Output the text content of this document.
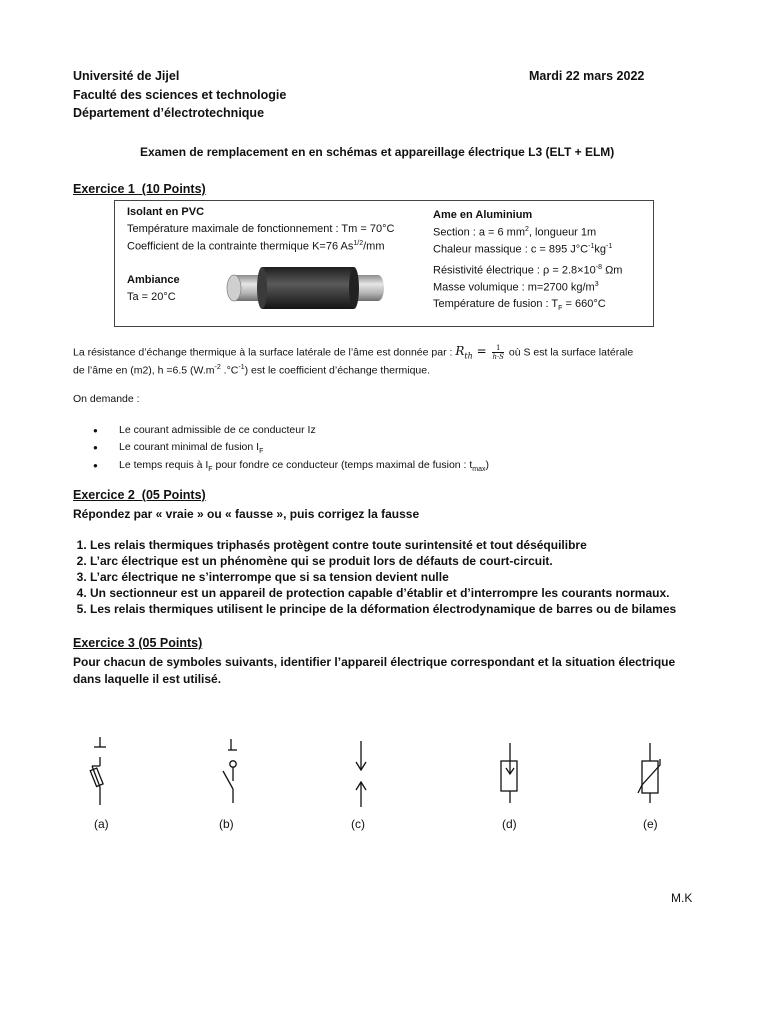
Université de Jijel
Faculté des sciences et technologie
Département d’électrotechnique
Mardi 22 mars 2022
Examen de remplacement en en schémas et appareillage électrique L3 (ELT + ELM)
Exercice 1  (10 Points)
Isolant en PVC
Température maximale de fonctionnement : Tm = 70°C
Coefficient de la contrainte thermique K=76 $As^{1/2}/mm$
Ambiance
Ta = 20°C
Ame en Aluminium
Section : a = 6 $mm^2$, longueur 1m
Chaleur massique : c = 895 $J^\circ C^{-1}kg^{-1}$
Résistivité électrique : $\rho = 2.8\times 10^{-8}$ Ωm
Masse volumique : m=2700 $kg/m^3$
Température de fusion : $T_F = 660^\circ C$
La résistance d’échange thermique à la surface latérale de l’âme est donnée par : $R_{th} = \frac{1}{h\cdot S}$ où S est la surface latérale
de l’âme en (m2), h =6.5 ($W.m^{-2}$ $.^\circ C^{-1}$) est le coefficient d’échange thermique.
On demande :
● Le courant admissible de ce conducteur Iz
● Le courant minimal de fusion $I_F$
● Le temps requis à $I_F$ pour fondre ce conducteur (temps maximal de fusion : $t_{max}$)
Exercice 2  (05 Points)
Répondez par « vraie » ou « fausse », puis corrigez la fausse
1. Les relais thermiques triphasés protègent contre toute surintensité et tout déséquilibre
2. L’arc électrique est un phénomène qui se produit lors de défauts de court-circuit.
3. L’arc électrique ne s’interrompe que si sa tension devient nulle
4. Un sectionneur est un appareil de protection capable d’établir et d’interrompre les courants normaux.
5. Les relais thermiques utilisent le principe de la déformation électrodynamique de barres ou de bilames
Exercice 3 (05 Points)
Pour chacun de symboles suivants, identifier l’appareil électrique correspondant et la situation électrique
dans laquelle il est utilisé.
(a)	(b)	(c)	(d)	(e)
M.K
